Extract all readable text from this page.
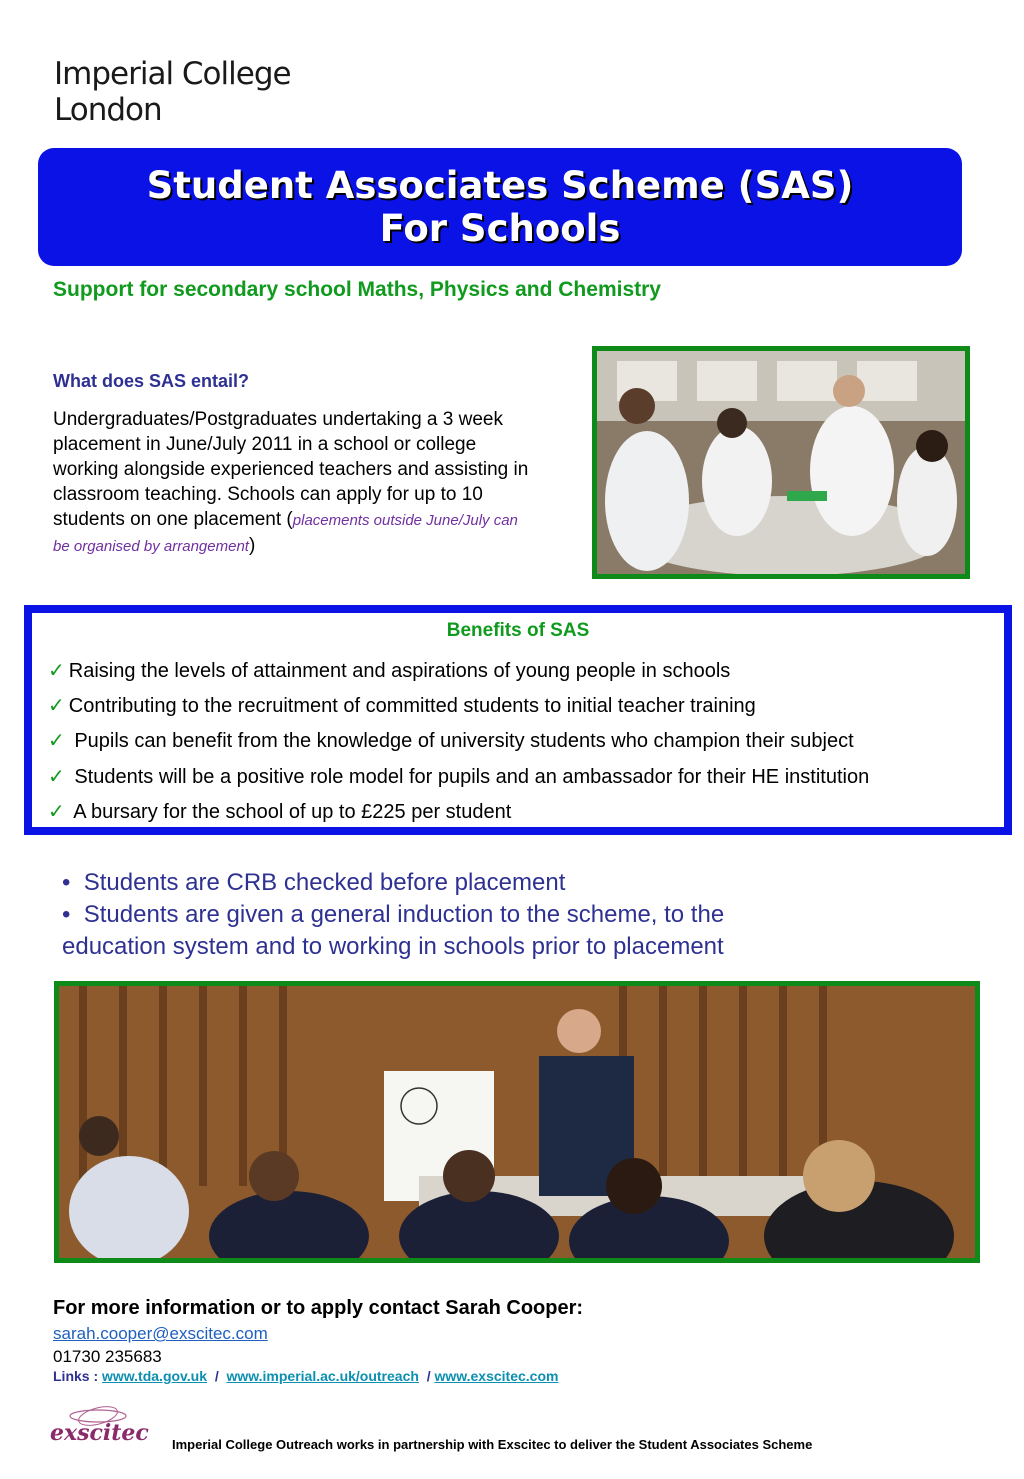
Imperial College
London
Student Associates Scheme (SAS)
For Schools
Support for secondary school Maths, Physics and Chemistry
What does SAS entail?
Undergraduates/Postgraduates undertaking a 3 week placement in June/July 2011 in a school or college working alongside experienced teachers and assisting in classroom teaching. Schools can apply for up to 10 students on one placement (placements outside June/July can be organised by arrangement)
Benefits of SAS
✓ Raising the levels of attainment and aspirations of young people in schools
✓ Contributing to the recruitment of committed students to initial teacher training
✓ Pupils can benefit from the knowledge of university students who champion their subject
✓ Students will be a positive role model for pupils and an ambassador for their HE institution
✓ A bursary for the school of up to £225 per student
•  Students are CRB checked before placement
•  Students are given a general induction to the scheme, to the education system and to working in schools prior to placement
For more information or to apply contact Sarah Cooper:
sarah.cooper@exscitec.com
01730 235683
Links : www.tda.gov.uk / www.imperial.ac.uk/outreach / www.exscitec.com
exscitec Imperial College Outreach works in partnership with Exscitec to deliver the Student Associates Scheme
